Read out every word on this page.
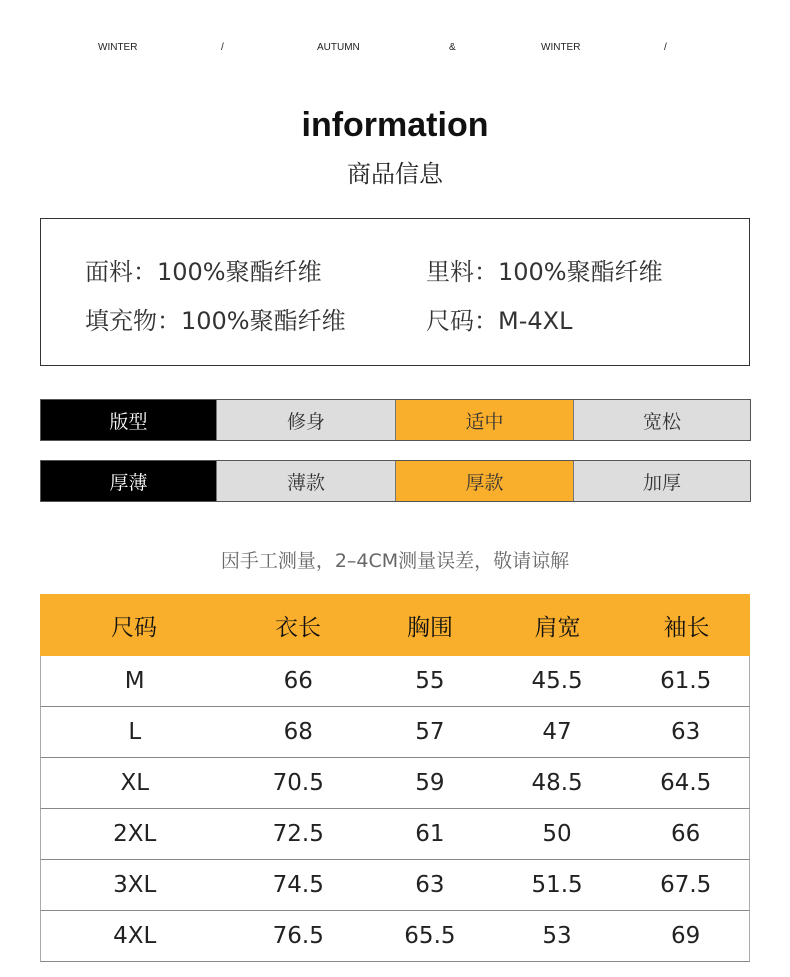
WINTER	/	AUTUMN	&	WINTER	/
information
商品信息
面料：100%聚酯纤维	里料：100%聚酯纤维
填充物：100%聚酯纤维	尺码：M-4XL
版型	修身	适中	宽松
厚薄	薄款	厚款	加厚
因手工测量，2–4CM测量误差，敬请谅解
尺码	衣长	胸围	肩宽	袖长
M	66	55	45.5	61.5
L	68	57	47	63
XL	70.5	59	48.5	64.5
2XL	72.5	61	50	66
3XL	74.5	63	51.5	67.5
4XL	76.5	65.5	53	69
